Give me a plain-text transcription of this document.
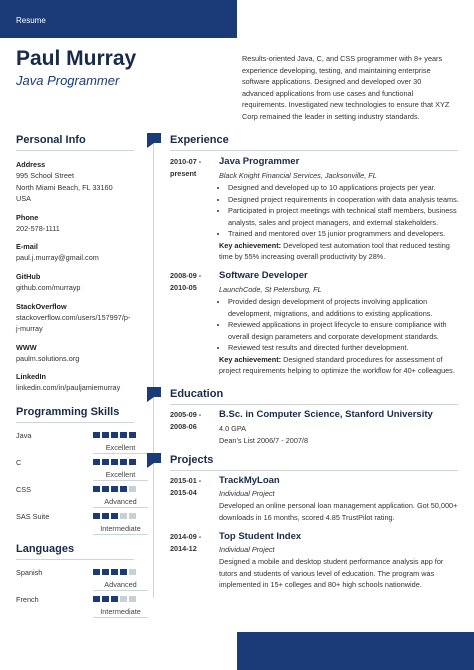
Resume
Paul Murray
Java Programmer
Results-oriented Java, C, and CSS programmer with 8+ years experience developing, testing, and maintaining enterprise software applications. Designed and developed over 30 advanced applications from use cases and functional requirements. Investigated new technologies to ensure that XYZ Corp remained the leader in setting industry standards.
Personal Info
Address
995 School Street
North Miami Beach, FL 33160
USA
Phone
202-578-1111
E-mail
paul.j.murray@gmail.com
GitHub
github.com/murrayp
StackOverflow
stackoverflow.com/users/157997/p-
j-murray
WWW
paulm.solutions.org
LinkedIn
linkedin.com/in/pauljamiemurray
Programming Skills
Java
Excellent
C
Excellent
CSS
Advanced
SAS Suite
Intermediate
Languages
Spanish
Advanced
French
Intermediate
Experience
2010-07 -
present
Java Programmer
Black Knight Financial Services, Jacksonville, FL
• Designed and developed up to 10 applications projects per year.
• Designed project requirements in cooperation with data analysis teams.
• Participated in project meetings with technical staff members, business analysts, sales and project managers, and external stakeholders.
• Trained and mentored over 15 junior programmers and developers.
Key achievement: Developed test automation tool that reduced testing time by 55% increasing overall productivity by 28%.
2008-09 -
2010-05
Software Developer
LaunchCode, St Petersburg, FL
• Provided design development of projects involving application development, migrations, and additions to existing applications.
• Reviewed applications in project lifecycle to ensure compliance with overall design parameters and corporate development standards.
• Reviewed test results and directed further development.
Key achievement: Designed standard procedures for assessment of project requirements helping to optimize the workflow for 40+ colleagues.
Education
2005-09 -
2008-06
B.Sc. in Computer Science, Stanford University
4.0 GPA
Dean's List 2006/7 - 2007/8
Projects
2015-01 -
2015-04
TrackMyLoan
Individual Project
Developed an online personal loan management application. Got 50,000+
downloads in 16 months, scored 4.85 TrustPilot rating.
2014-09 -
2014-12
Top Student Index
Individual Project
Designed a mobile and desktop student performance analysis app for
tutors and students of various level of education. The program was
implemented in 15+ colleges and 80+ high schools nationwide.
